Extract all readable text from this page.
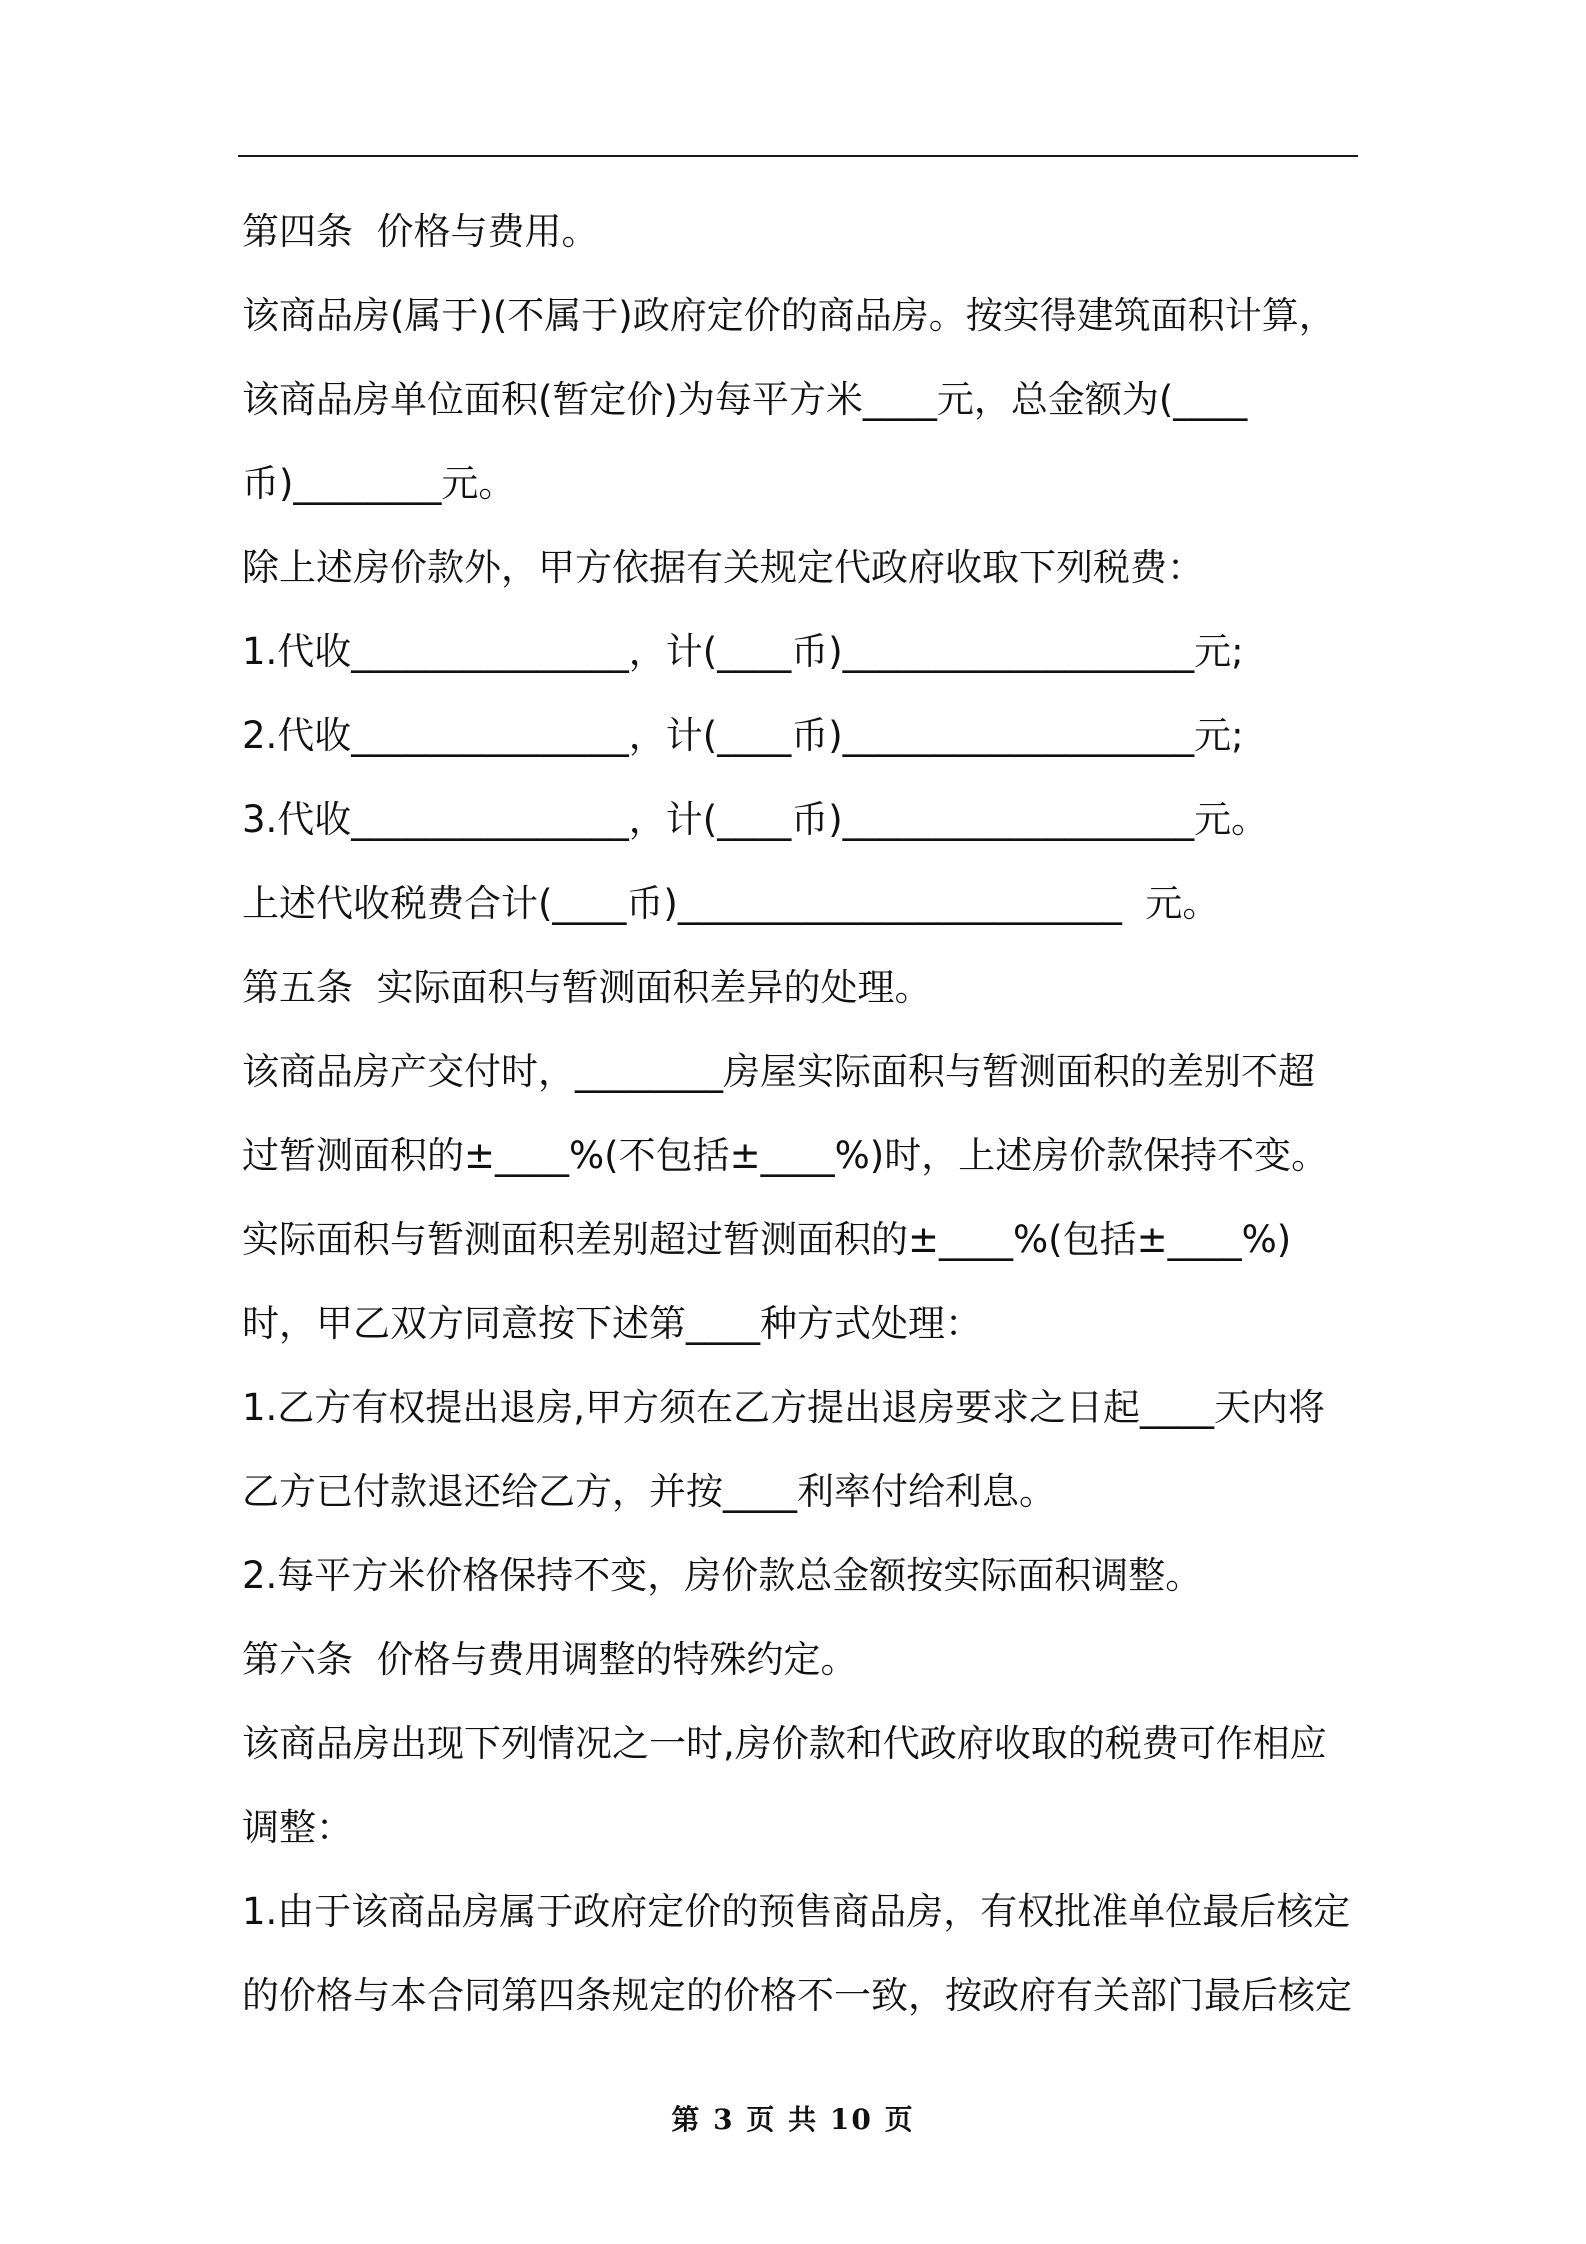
第四条  价格与费用。
该商品房(属于)(不属于)政府定价的商品房。按实得建筑面积计算，
该商品房单位面积(暂定价)为每平方米____元，总金额为(____
币)________元。
除上述房价款外，甲方依据有关规定代政府收取下列税费：
1.代收_______________，计(____币)___________________元;
2.代收_______________，计(____币)___________________元;
3.代收_______________，计(____币)___________________元。
上述代收税费合计(____币)________________________  元。
第五条  实际面积与暂测面积差异的处理。
该商品房产交付时，________房屋实际面积与暂测面积的差别不超
过暂测面积的±____%(不包括±____%)时，上述房价款保持不变。
实际面积与暂测面积差别超过暂测面积的±____%(包括±____%)
时，甲乙双方同意按下述第____种方式处理：
1.乙方有权提出退房,甲方须在乙方提出退房要求之日起____天内将
乙方已付款退还给乙方，并按____利率付给利息。
2.每平方米价格保持不变，房价款总金额按实际面积调整。
第六条  价格与费用调整的特殊约定。
该商品房出现下列情况之一时,房价款和代政府收取的税费可作相应
调整：
1.由于该商品房属于政府定价的预售商品房，有权批准单位最后核定
的价格与本合同第四条规定的价格不一致，按政府有关部门最后核定
第 3 页 共 10 页
